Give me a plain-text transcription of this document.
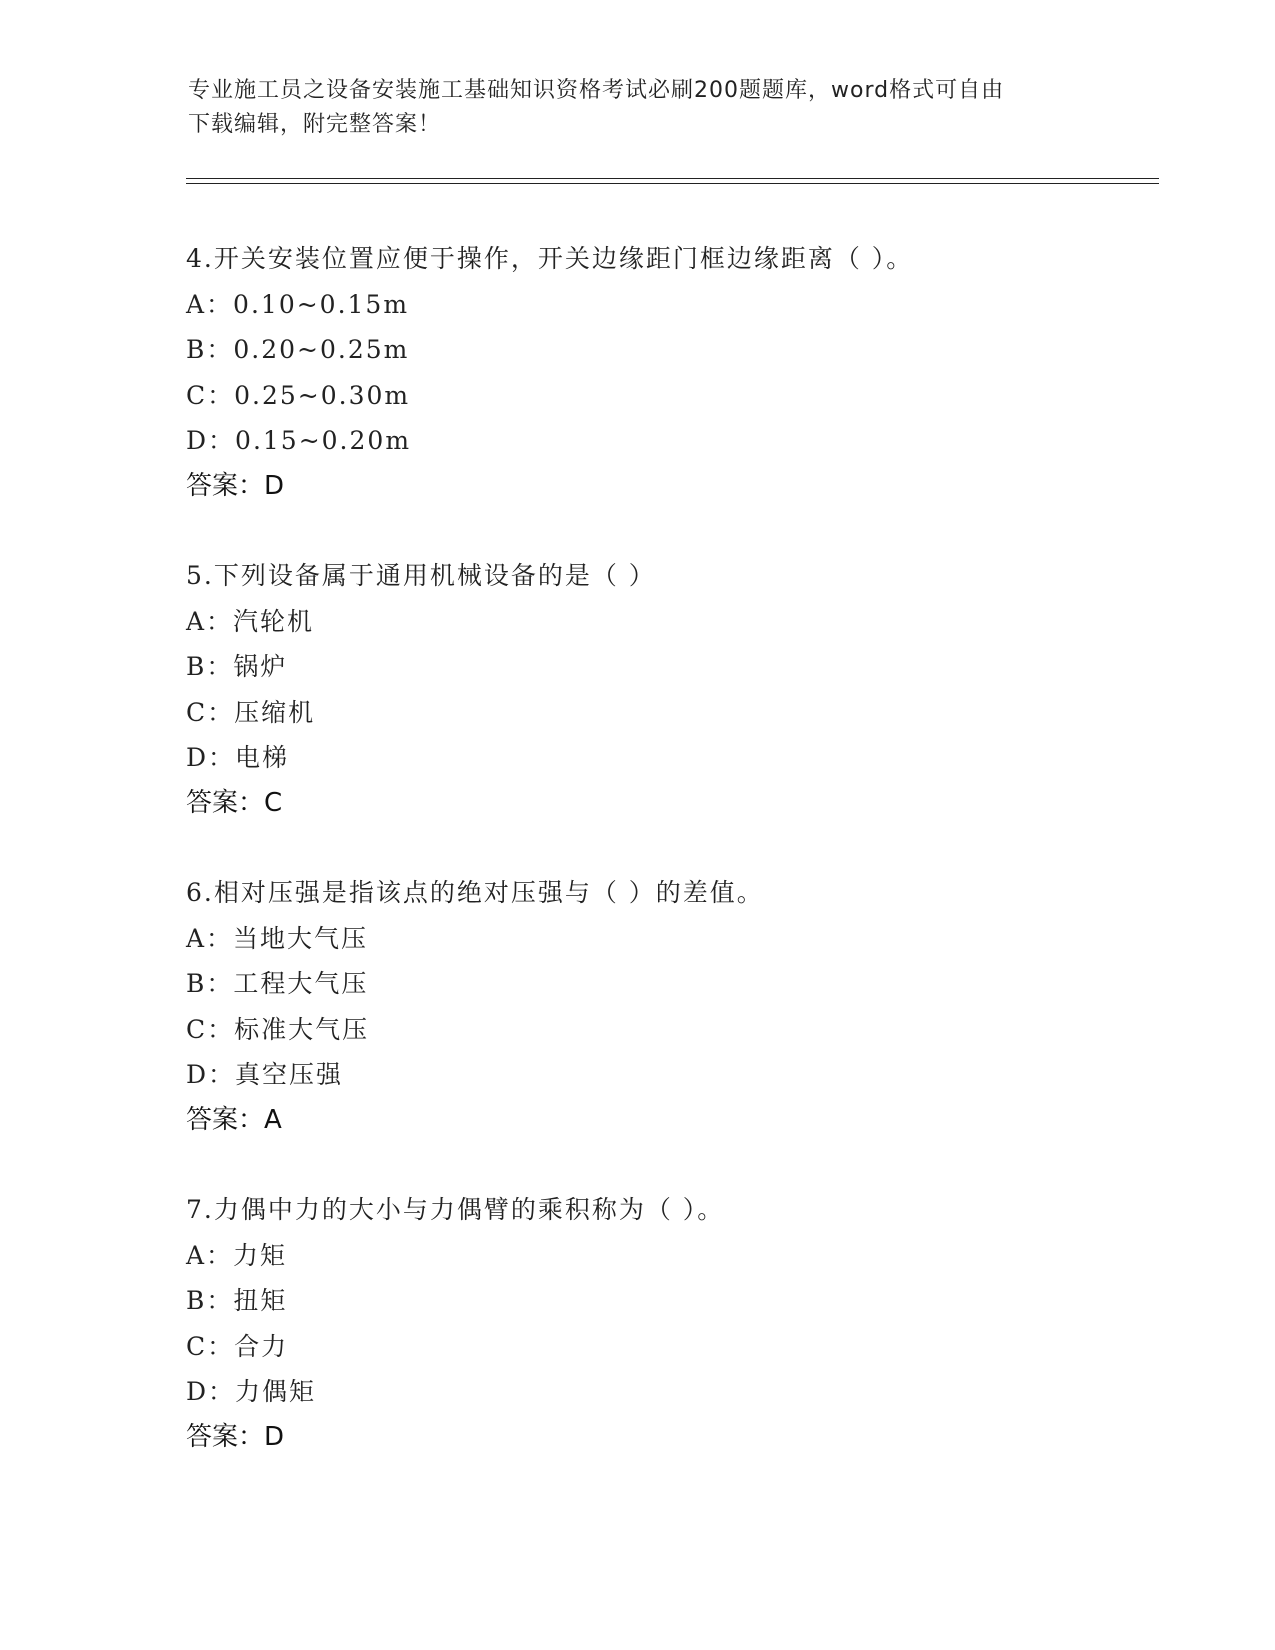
专业施工员之设备安装施工基础知识资格考试必刷200题题库，word格式可自由
下载编辑，附完整答案！
4.开关安装位置应便于操作，开关边缘距门框边缘距离（ ）。
A：0.10~0.15m
B：0.20~0.25m
C：0.25~0.30m
D：0.15~0.20m
答案：D
5.下列设备属于通用机械设备的是（ ）
A：汽轮机
B：锅炉
C：压缩机
D：电梯
答案：C
6.相对压强是指该点的绝对压强与（ ）的差值。
A：当地大气压
B：工程大气压
C：标准大气压
D：真空压强
答案：A
7.力偶中力的大小与力偶臂的乘积称为（ ）。
A：力矩
B：扭矩
C：合力
D：力偶矩
答案：D
